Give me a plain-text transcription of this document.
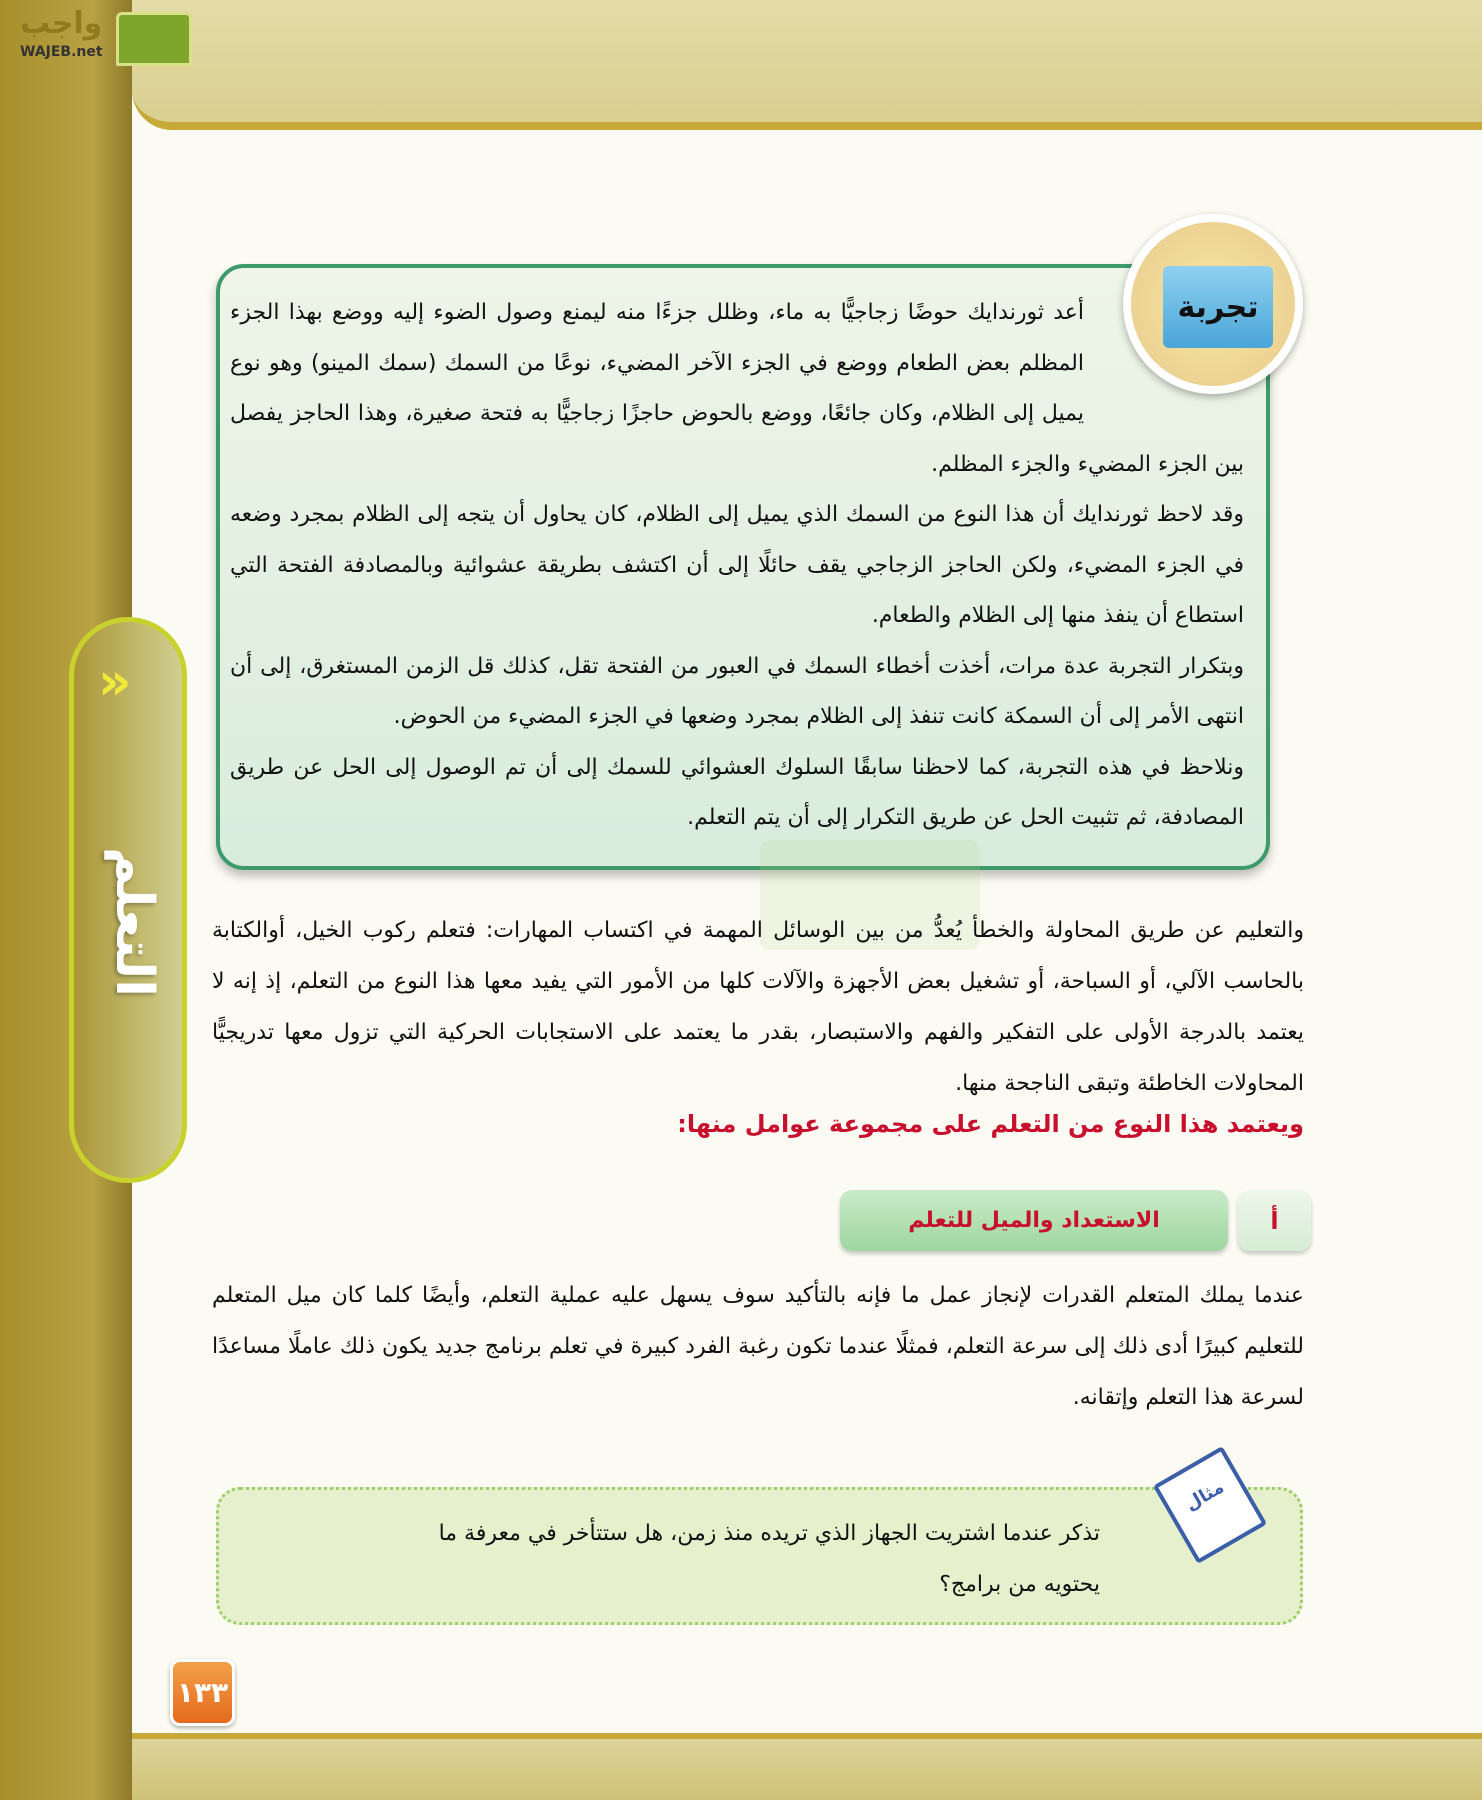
واجب
WAJEB.net
»
التعلم

أعد ثورندايك حوضًا زجاجيًّا به ماء، وظلل جزءًا منه ليمنع وصول الضوء إليه ووضع بهذا الجزء المظلم بعض الطعام ووضع في الجزء الآخر المضيء، نوعًا من السمك (سمك المينو) وهو نوع يميل إلى الظلام، وكان جائعًا، ووضع بالحوض حاجزًا زجاجيًّا به فتحة صغيرة، وهذا الحاجز يفصل بين الجزء المضيء والجزء المظلم.

وقد لاحظ ثورندايك أن هذا النوع من السمك الذي يميل إلى الظلام، كان يحاول أن يتجه إلى الظلام بمجرد وضعه في الجزء المضيء، ولكن الحاجز الزجاجي يقف حائلًا إلى أن اكتشف بطريقة عشوائية وبالمصادفة الفتحة التي استطاع أن ينفذ منها إلى الظلام والطعام.

وبتكرار التجربة عدة مرات، أخذت أخطاء السمك في العبور من الفتحة تقل، كذلك قل الزمن المستغرق، إلى أن انتهى الأمر إلى أن السمكة كانت تنفذ إلى الظلام بمجرد وضعها في الجزء المضيء من الحوض.

ونلاحظ في هذه التجربة، كما لاحظنا سابقًا السلوك العشوائي للسمك إلى أن تم الوصول إلى الحل عن طريق المصادفة، ثم تثبيت الحل عن طريق التكرار إلى أن يتم التعلم.

تجربة
والتعليم عن طريق المحاولة والخطأ يُعدُّ من بين الوسائل المهمة في اكتساب المهارات: فتعلم ركوب الخيل، أوالكتابة بالحاسب الآلي، أو السباحة، أو تشغيل بعض الأجهزة والآلات كلها من الأمور التي يفيد معها هذا النوع من التعلم، إذ إنه لا يعتمد بالدرجة الأولى على التفكير والفهم والاستبصار، بقدر ما يعتمد على الاستجابات الحركية التي تزول معها تدريجيًّا المحاولات الخاطئة وتبقى الناجحة منها.
ويعتمد هذا النوع من التعلم على مجموعة عوامل منها:
أ
الاستعداد والميل للتعلم
عندما يملك المتعلم القدرات لإنجاز عمل ما فإنه بالتأكيد سوف يسهل عليه عملية التعلم، وأيضًا كلما كان ميل المتعلم للتعليم كبيرًا أدى ذلك إلى سرعة التعلم، فمثلًا عندما تكون رغبة الفرد كبيرة في تعلم برنامج جديد يكون ذلك عاملًا مساعدًا لسرعة هذا التعلم وإتقانه.
تذكر عندما اشتريت الجهاز الذي تريده منذ زمن، هل ستتأخر في معرفة ما يحتويه من برامج؟
مثال
١٣٣
